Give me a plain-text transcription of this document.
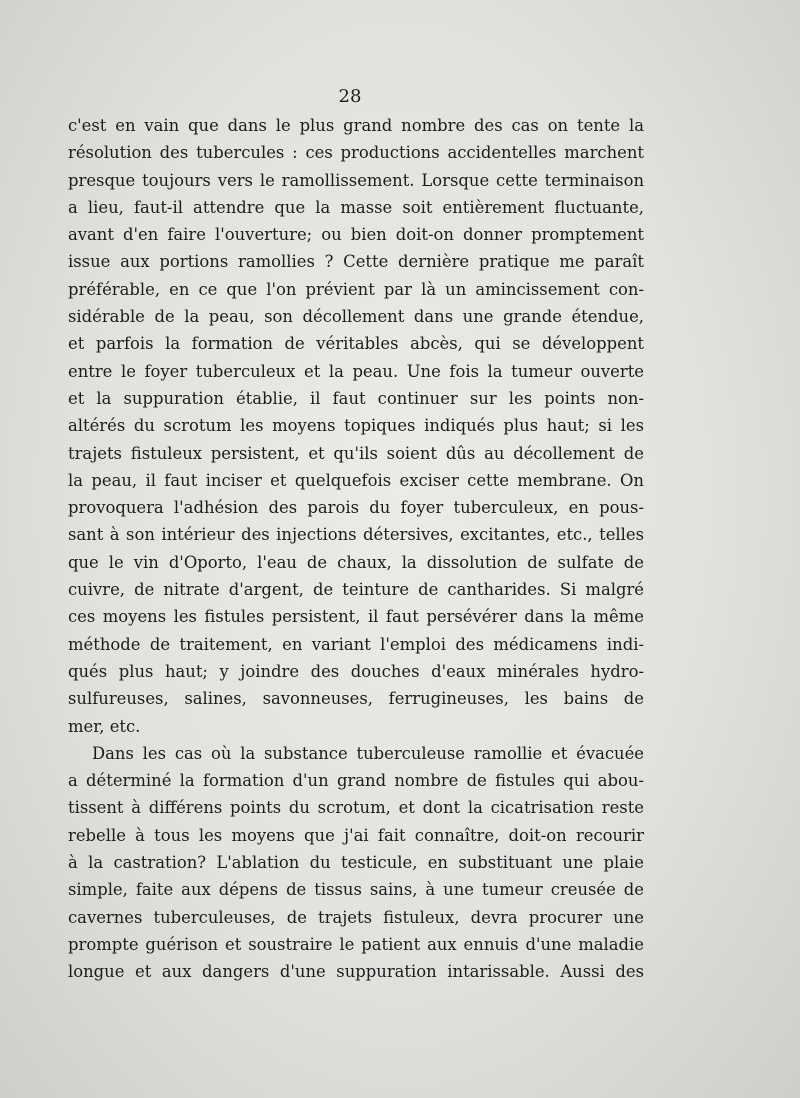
28
c'est en vain que dans le plus grand nombre des cas on tente la
résolution des tubercules : ces productions accidentelles marchent
presque toujours vers le ramollissement. Lorsque cette terminaison
a lieu, faut-il attendre que la masse soit entièrement fluctuante,
avant d'en faire l'ouverture; ou bien doit-on donner promptement
issue aux portions ramollies ? Cette dernière pratique me paraît
préférable, en ce que l'on prévient par là un amincissement con-
sidérable de la peau, son décollement dans une grande étendue,
et parfois la formation de véritables abcès, qui se développent
entre le foyer tuberculeux et la peau. Une fois la tumeur ouverte
et la suppuration établie, il faut continuer sur les points non-
altérés du scrotum les moyens topiques indiqués plus haut; si les
trajets fistuleux persistent, et qu'ils soient dûs au décollement de
la peau, il faut inciser et quelquefois exciser cette membrane. On
provoquera l'adhésion des parois du foyer tuberculeux, en pous-
sant à son intérieur des injections détersives, excitantes, etc., telles
que le vin d'Oporto, l'eau de chaux, la dissolution de sulfate de
cuivre, de nitrate d'argent, de teinture de cantharides. Si malgré
ces moyens les fistules persistent, il faut persévérer dans la même
méthode de traitement, en variant l'emploi des médicamens indi-
qués plus haut; y joindre des douches d'eaux minérales hydro-
sulfureuses, salines, savonneuses, ferrugineuses, les bains de
mer, etc.
Dans les cas où la substance tuberculeuse ramollie et évacuée
a déterminé la formation d'un grand nombre de fistules qui abou-
tissent à différens points du scrotum, et dont la cicatrisation reste
rebelle à tous les moyens que j'ai fait connaître, doit-on recourir
à la castration? L'ablation du testicule, en substituant une plaie
simple, faite aux dépens de tissus sains, à une tumeur creusée de
cavernes tuberculeuses, de trajets fistuleux, devra procurer une
prompte guérison et soustraire le patient aux ennuis d'une maladie
longue et aux dangers d'une suppuration intarissable. Aussi des
